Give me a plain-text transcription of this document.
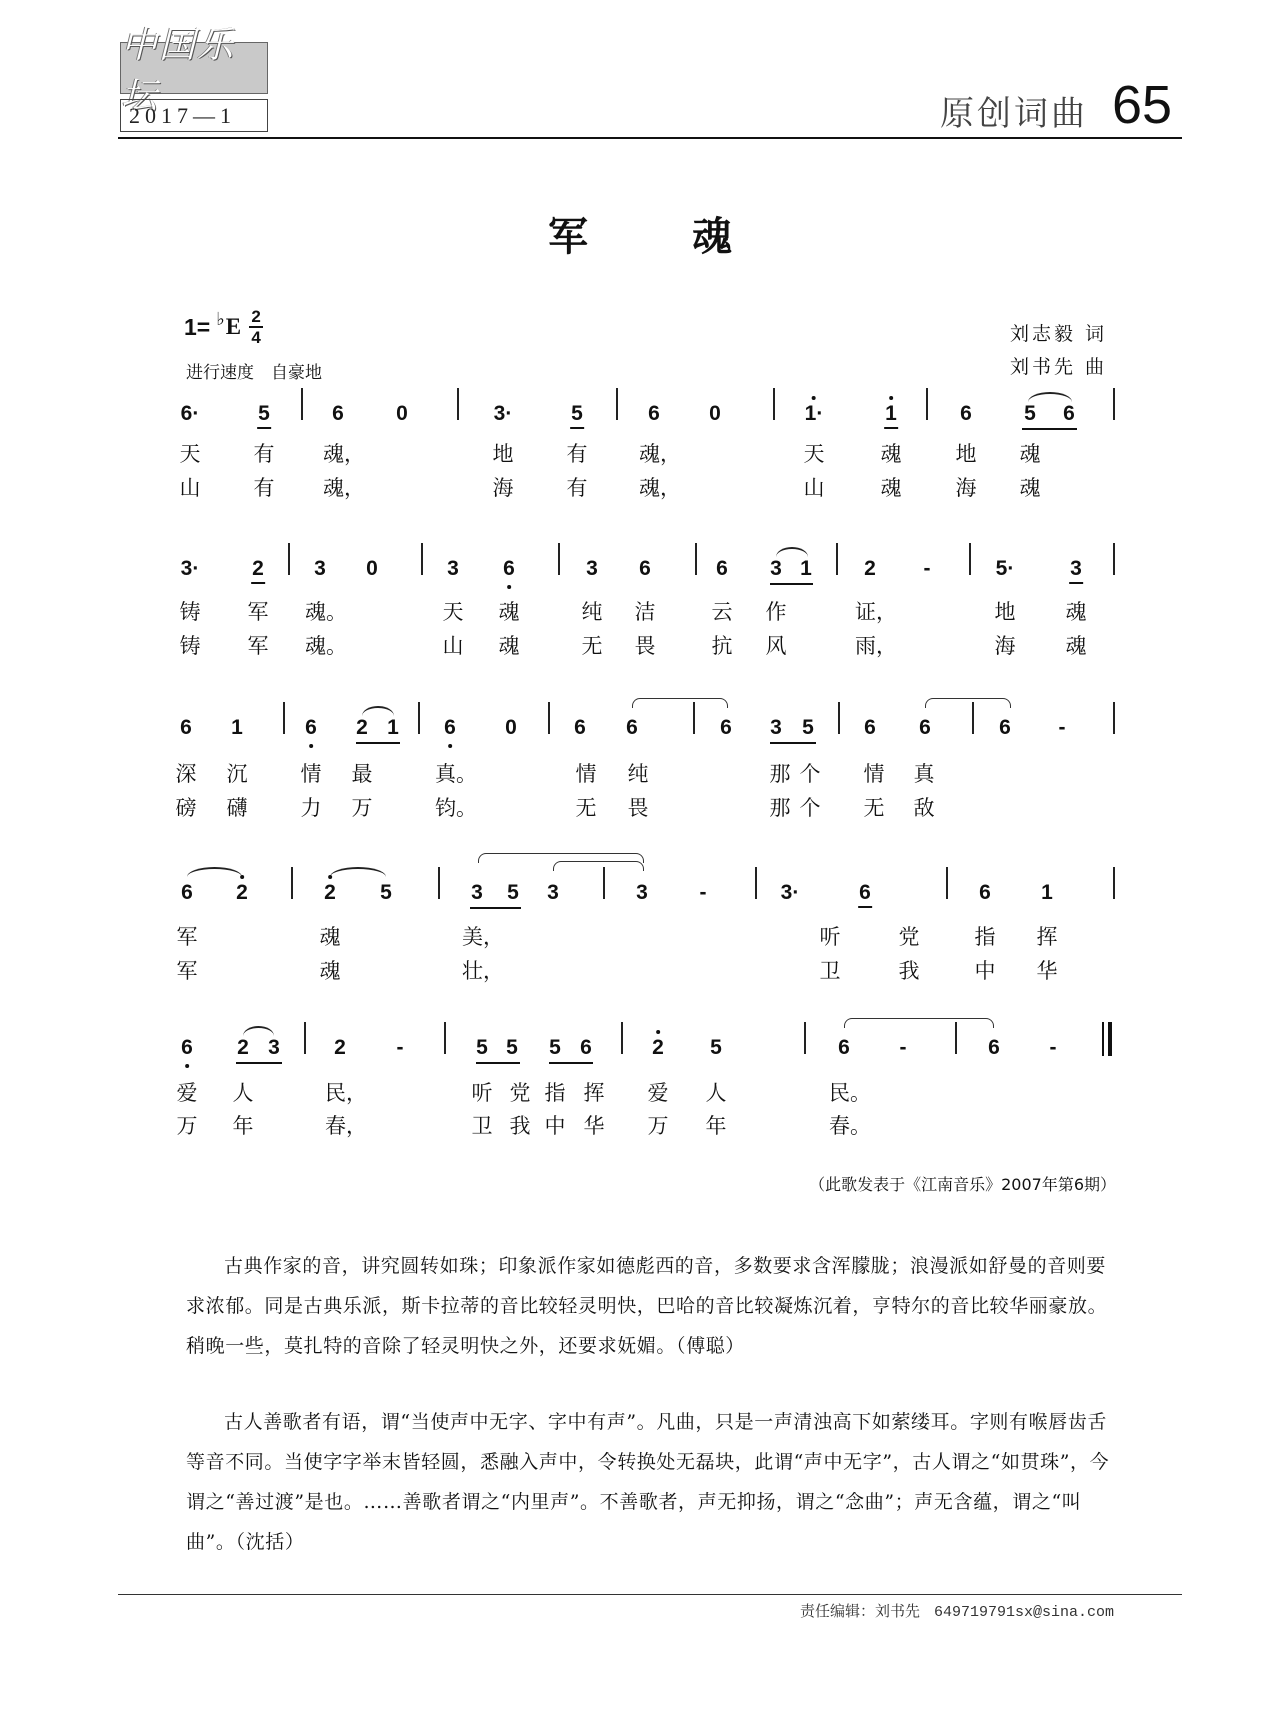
中国乐坛
2017—1	原创词曲 65
军	魂
1= ♭ E $\frac{2}{4}$
进行速度　自豪地
刘志毅 词
刘书先 曲
6·	5	6 0	3·	5	6 0	1·	1	6 5 6
天	有 魂，	地	有 魂，	天	魂	地 魂
山	有 魂，	海	有 魂，	山	魂	海 魂
3·	2 3 0	3 6	3 6	6 3 1 2 -	5·	3
铸 军 魂。	天 魂	纯 洁	云 作	证，	地 魂
铸 军 魂。	山 魂	无 畏	抗 风	雨，	海 魂
6 1	6 2 1 6 0	6 6	6 3 5 6 6	6 -
深 沉	情 最	真。	情 纯	那 个 情 真
磅 礴	力 万	钧。	无 畏	那 个 无 敌
6 2	2 5	3 5 3	3 -	3·	6	6 1
军	魂	美，	听	党	指 挥
军	魂	壮，	卫	我	中 华
6 2 3	2 -	5 5 5 6	2 5	6 -	6 -
爱 人	民，	听 党 指 挥 爱 人	民。
万 年	春，	卫 我 中 华 万 年	春。
（此歌发表于《江南音乐》2007年第6期）

古典作家的音，讲究圆转如珠；印象派作家如德彪西的音，多数要求含浑朦胧；浪漫派如舒曼的音则要求浓郁。同是古典乐派，斯卡拉蒂的音比较轻灵明快，巴哈的音比较凝炼沉着，亨特尔的音比较华丽豪放。稍晚一些，莫扎特的音除了轻灵明快之外，还要求妩媚。（傅聪）

古人善歌者有语，谓“当使声中无字、字中有声”。凡曲，只是一声清浊高下如萦缕耳。字则有喉唇齿舌等音不同。当使字字举末皆轻圆，悉融入声中，令转换处无磊块，此谓“声中无字”，古人谓之“如贯珠”，今谓之“善过渡”是也。……善歌者谓之“内里声”。不善歌者，声无抑扬，谓之“念曲”；声无含蕴，谓之“叫曲”。（沈括）

责任编辑：刘书先 649719791sx@sina.com
